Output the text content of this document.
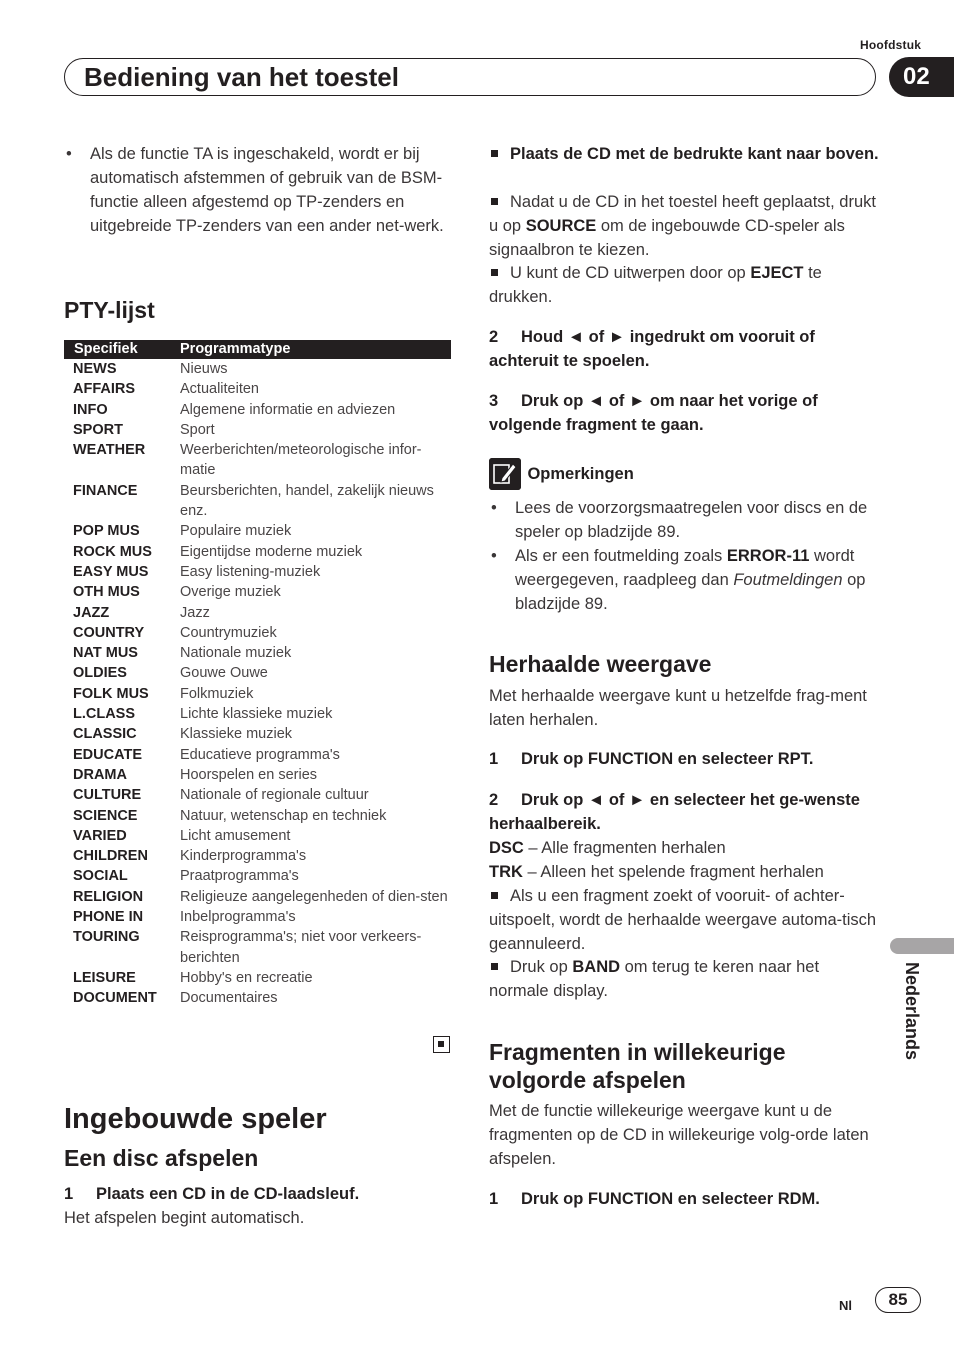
Hoofdstuk
Bediening van het toestel	02
• Als de functie TA is ingeschakeld, wordt er bij automatisch afstemmen of gebruik van de BSM-functie alleen afgestemd op TP-zenders en uitgebreide TP-zenders van een ander net-werk.
PTY-lijst
Specifiek	Programmatype
NEWS	Nieuws
AFFAIRS	Actualiteiten
INFO	Algemene informatie en adviezen
SPORT	Sport
WEATHER	Weerberichten/meteorologische infor-matie
FINANCE	Beursberichten, handel, zakelijk nieuws enz.
POP MUS	Populaire muziek
ROCK MUS	Eigentijdse moderne muziek
EASY MUS	Easy listening-muziek
OTH MUS	Overige muziek
JAZZ	Jazz
COUNTRY	Countrymuziek
NAT MUS	Nationale muziek
OLDIES	Gouwe Ouwe
FOLK MUS	Folkmuziek
L.CLASS	Lichte klassieke muziek
CLASSIC	Klassieke muziek
EDUCATE	Educatieve programma's
DRAMA	Hoorspelen en series
CULTURE	Nationale of regionale cultuur
SCIENCE	Natuur, wetenschap en techniek
VARIED	Licht amusement
CHILDREN	Kinderprogramma's
SOCIAL	Praatprogramma's
RELIGION	Religieuze aangelegenheden of dien-sten
PHONE IN	Inbelprogramma's
TOURING	Reisprogramma's; niet voor verkeers-berichten
LEISURE	Hobby's en recreatie
DOCUMENT	Documentaires
Ingebouwde speler
Een disc afspelen
1 Plaats een CD in de CD-laadsleuf.
Het afspelen begint automatisch.
Plaats de CD met de bedrukte kant naar boven.
Nadat u de CD in het toestel heeft geplaatst, drukt u op SOURCE om de ingebouwde CD-speler als signaalbron te kiezen.
U kunt de CD uitwerpen door op EJECT te drukken.
2 Houd ◄ of ► ingedrukt om vooruit of achteruit te spoelen.
3 Druk op ◄ of ► om naar het vorige of volgende fragment te gaan.
Opmerkingen
• Lees de voorzorgsmaatregelen voor discs en de speler op bladzijde 89.
• Als er een foutmelding zoals ERROR-11 wordt weergegeven, raadpleeg dan Foutmeldingen op bladzijde 89.
Herhaalde weergave
Met herhaalde weergave kunt u hetzelfde frag-ment laten herhalen.
1 Druk op FUNCTION en selecteer RPT.
2 Druk op ◄ of ► en selecteer het ge-wenste herhaalbereik.
DSC – Alle fragmenten herhalen
TRK – Alleen het spelende fragment herhalen
Als u een fragment zoekt of vooruit- of achter-uitspoelt, wordt de herhaalde weergave automa-tisch geannuleerd.
Druk op BAND om terug te keren naar het normale display.
Fragmenten in willekeurige volgorde afspelen
Met de functie willekeurige weergave kunt u de fragmenten op de CD in willekeurige volg-orde laten afspelen.
1 Druk op FUNCTION en selecteer RDM.
Nederlands
Nl	85
